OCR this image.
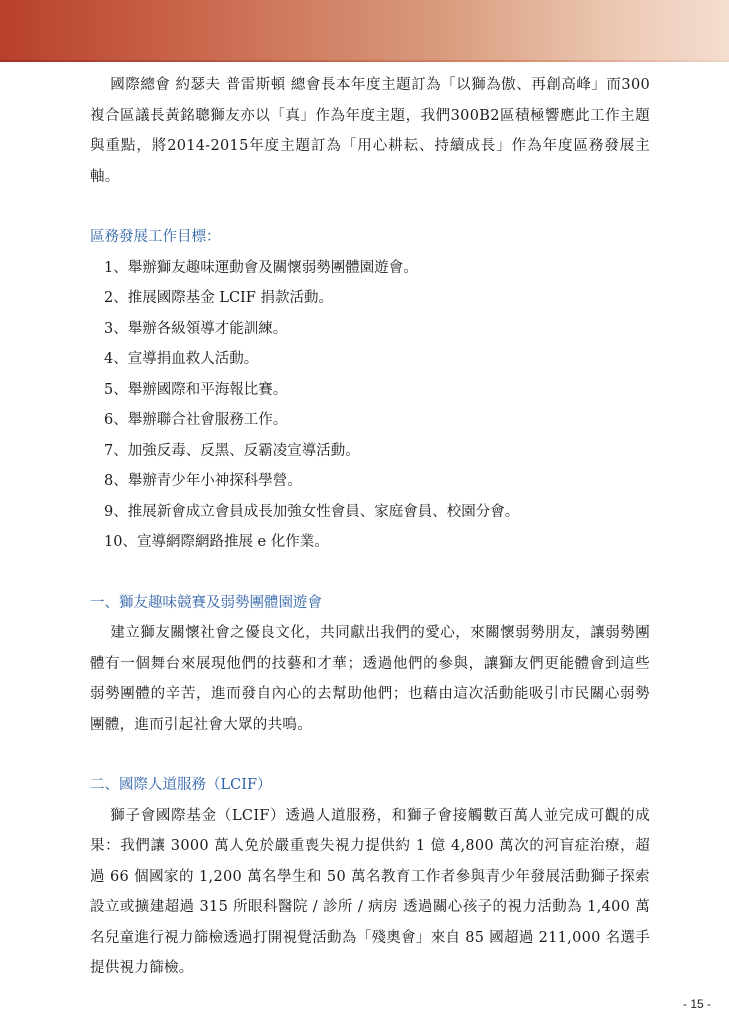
國際總會 約瑟夫 普雷斯頓 總會長本年度主題訂為「以獅為傲、再創高峰」而300複合區議長黃銘聰獅友亦以「真」作為年度主題，我們300B2區積極響應此工作主題與重點，將2014-2015年度主題訂為「用心耕耘、持續成長」作為年度區務發展主軸。

區務發展工作目標：
1、舉辦獅友趣味運動會及關懷弱勢團體園遊會。
2、推展國際基金 LCIF 捐款活動。
3、舉辦各級領導才能訓練。
4、宣導捐血救人活動。
5、舉辦國際和平海報比賽。
6、舉辦聯合社會服務工作。
7、加強反毒、反黑、反霸凌宣導活動。
8、舉辦青少年小神探科學營。
9、推展新會成立會員成長加強女性會員、家庭會員、校園分會。
10、宣導網際網路推展 e 化作業。
一、獅友趣味競賽及弱勢團體園遊會

建立獅友關懷社會之優良文化，共同獻出我們的愛心，來關懷弱勢朋友，讓弱勢團體有一個舞台來展現他們的技藝和才華；透過他們的參與，讓獅友們更能體會到這些弱勢團體的辛苦，進而發自內心的去幫助他們；也藉由這次活動能吸引市民關心弱勢團體，進而引起社會大眾的共鳴。

二、國際人道服務（LCIF）

獅子會國際基金（LCIF）透過人道服務，和獅子會接觸數百萬人並完成可觀的成果：我們讓 3000 萬人免於嚴重喪失視力提供約 1 億 4,800 萬次的河盲症治療，超過 66 個國家的 1,200 萬名學生和 50 萬名教育工作者參與青少年發展活動獅子探索設立或擴建超過 315 所眼科醫院 / 診所 / 病房 透過關心孩子的視力活動為 1,400 萬名兒童進行視力篩檢透過打開視覺活動為「殘奧會」來自 85 國超過 211,000 名選手提供視力篩檢。

- 15 -
